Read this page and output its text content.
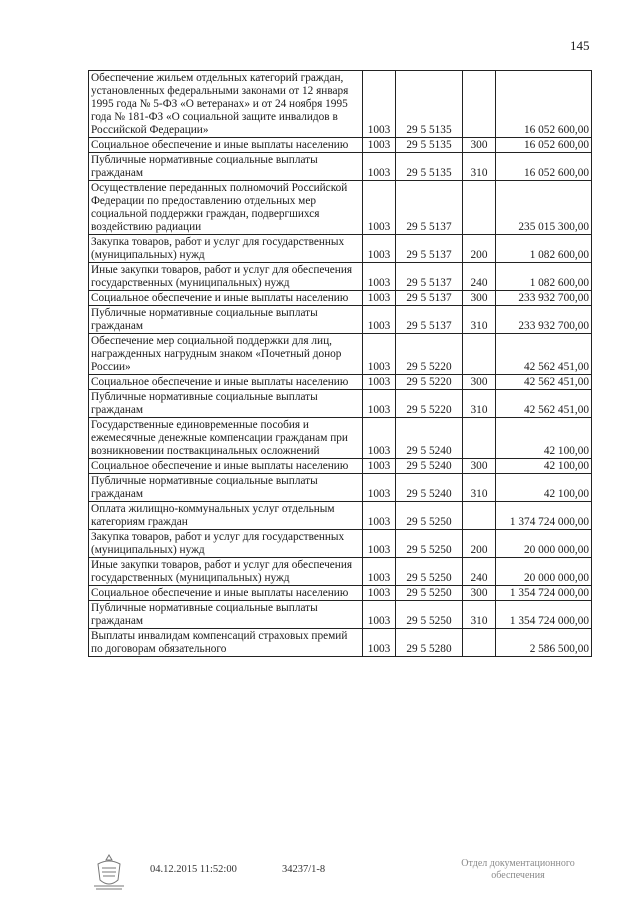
145
Обеспечение жильем отдельных категорий граждан, установленных федеральными законами от 12 января 1995 года № 5-ФЗ «О ветеранах» и от 24 ноября 1995 года № 181-ФЗ «О социальной защите инвалидов в Российской Федерации»	1003	29 5 5135		16 052 600,00
Социальное обеспечение и иные выплаты населению	1003	29 5 5135	300	16 052 600,00
Публичные нормативные социальные выплаты гражданам	1003	29 5 5135	310	16 052 600,00
Осуществление переданных полномочий Российской Федерации по предоставлению отдельных мер социальной поддержки граждан, подвергшихся воздействию радиации	1003	29 5 5137		235 015 300,00
Закупка товаров, работ и услуг для государственных (муниципальных) нужд	1003	29 5 5137	200	1 082 600,00
Иные закупки товаров, работ и услуг для обеспечения государственных (муниципальных) нужд	1003	29 5 5137	240	1 082 600,00
Социальное обеспечение и иные выплаты населению	1003	29 5 5137	300	233 932 700,00
Публичные нормативные социальные выплаты гражданам	1003	29 5 5137	310	233 932 700,00
Обеспечение мер социальной поддержки для лиц, награжденных нагрудным знаком «Почетный донор России»	1003	29 5 5220		42 562 451,00
Социальное обеспечение и иные выплаты населению	1003	29 5 5220	300	42 562 451,00
Публичные нормативные социальные выплаты гражданам	1003	29 5 5220	310	42 562 451,00
Государственные единовременные пособия и ежемесячные денежные компенсации гражданам при возникновении поствакцинальных осложнений	1003	29 5 5240		42 100,00
Социальное обеспечение и иные выплаты населению	1003	29 5 5240	300	42 100,00
Публичные нормативные социальные выплаты гражданам	1003	29 5 5240	310	42 100,00
Оплата жилищно-коммунальных услуг отдельным категориям граждан	1003	29 5 5250		1 374 724 000,00
Закупка товаров, работ и услуг для государственных (муниципальных) нужд	1003	29 5 5250	200	20 000 000,00
Иные закупки товаров, работ и услуг для обеспечения государственных (муниципальных) нужд	1003	29 5 5250	240	20 000 000,00
Социальное обеспечение и иные выплаты населению	1003	29 5 5250	300	1 354 724 000,00
Публичные нормативные социальные выплаты гражданам	1003	29 5 5250	310	1 354 724 000,00
Выплаты инвалидам компенсаций страховых премий по договорам обязательного	1003	29 5 5280		2 586 500,00
04.12.2015 11:52:00	34237/1-8
Отдел документационного
обеспечения
